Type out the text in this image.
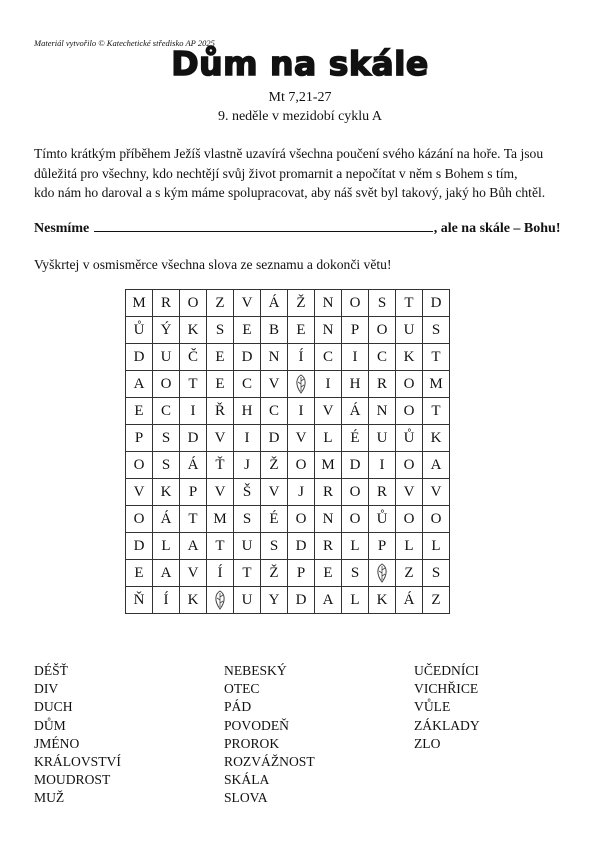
Materiál vytvořilo © Katechetické středisko AP 2025
Dům na skále
Mt 7,21-27
9. neděle v mezidobí cyklu A
Tímto krátkým příběhem Ježíš vlastně uzavírá všechna poučení svého kázání na hoře. Ta jsou
důležitá pro všechny, kdo nechtějí svůj život promarnit a nepočítat v něm s Bohem s tím,
kdo nám ho daroval a s kým máme spolupracovat, aby náš svět byl takový, jaký ho Bůh chtěl.
Nesmíme	, ale na skále – Bohu!
Vyškrtej v osmisměrce všechna slova ze seznamu a dokonči větu!
M	R	O	Z	V	Á	Ž	N	O	S	T	D
Ů	Ý	K	S	E	B	E	N	P	O	U	S
D	U	Č	E	D	N	Í	C	I	C	K	T
A	O	T	E	C	V		I	H	R	O	M
E	C	I	Ř	H	C	I	V	Á	N	O	T
P	S	D	V	I	D	V	L	É	U	Ů	K
O	S	Á	Ť	J	Ž	O	M	D	I	O	A
V	K	P	V	Š	V	J	R	O	R	V	V
O	Á	T	M	S	É	O	N	O	Ů	O	O
D	L	A	T	U	S	D	R	L	P	L	L
E	A	V	Í	T	Ž	P	E	S		Z	S
Ň	Í	K		U	Y	D	A	L	K	Á	Z
DÉŠŤ
DIV
DUCH
DŮM
JMÉNO
KRÁLOVSTVÍ
MOUDROST
MUŽ
NEBESKÝ
OTEC
PÁD
POVODEŇ
PROROK
ROZVÁŽNOST
SKÁLA
SLOVA
UČEDNÍCI
VICHŘICE
VŮLE
ZÁKLADY
ZLO
